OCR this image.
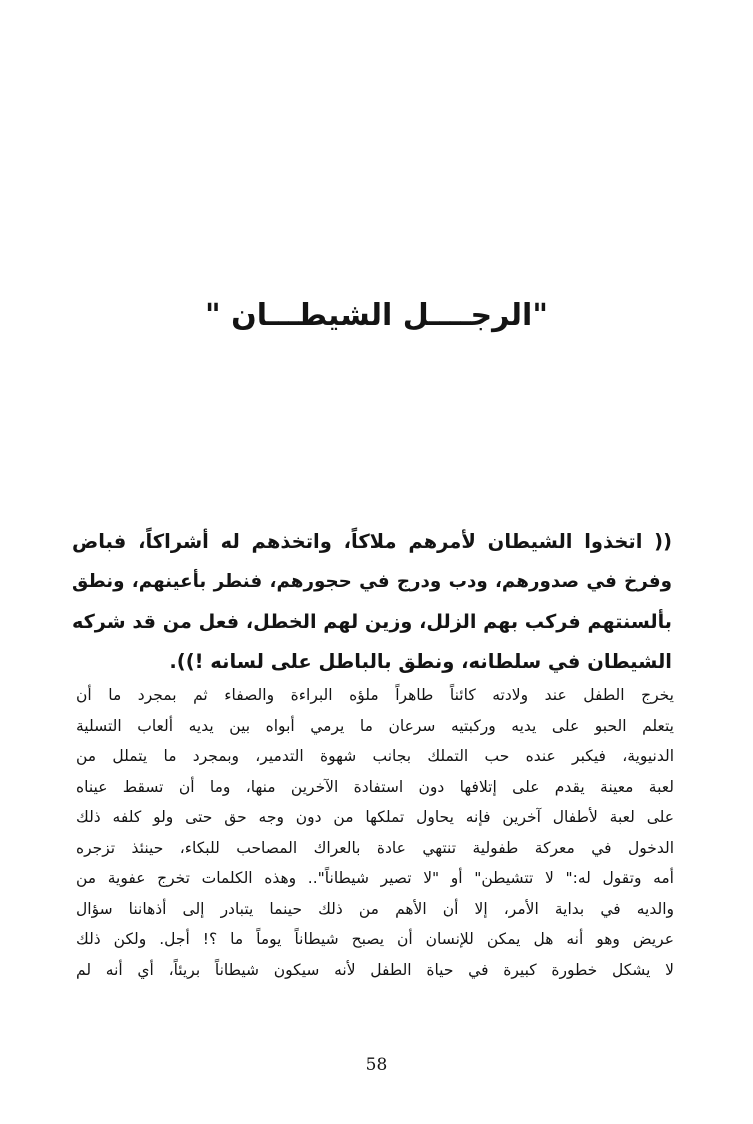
"الرجــــل الشيطـــان "
(( اتخذوا الشيطان لأمرهم ملاكاً، واتخذهم له أشراكاً، فباض
وفرخ في صدورهم، ودب ودرج في حجورهم، فنطر بأعينهم، ونطق
بألسنتهم فركب بهم الزلل، وزين لهم الخطل، فعل من قد شركه
الشيطان في سلطانه، ونطق بالباطل على لسانه !)).
يخرج الطفل عند ولادته كائناً طاهراً ملؤه البراءة والصفاء ثم بمجرد ما أن
يتعلم الحبو على يديه وركبتيه سرعان ما يرمي أبواه بين يديه ألعاب التسلية
الدنيوية، فيكبر عنده حب التملك بجانب شهوة التدمير، وبمجرد ما يتملل من
لعبة معينة يقدم على إتلافها دون استفادة الآخرين منها، وما أن تسقط عيناه
على لعبة لأطفال آخرين فإنه يحاول تملكها من دون وجه حق حتى ولو كلفه ذلك
الدخول في معركة طفولية تنتهي عادة بالعراك المصاحب للبكاء، حينئذ تزجره
أمه وتقول له:" لا تتشيطن" أو "لا تصير شيطاناً".. وهذه الكلمات تخرج عفوية من
والديه في بداية الأمر، إلا أن الأهم من ذلك حينما يتبادر إلى أذهاننا سؤال
عريض وهو أنه هل يمكن للإنسان أن يصبح شيطاناً يوماً ما ؟! أجل. ولكن ذلك
لا يشكل خطورة كبيرة في حياة الطفل لأنه سيكون شيطاناً بريئاً، أي أنه لم
58
